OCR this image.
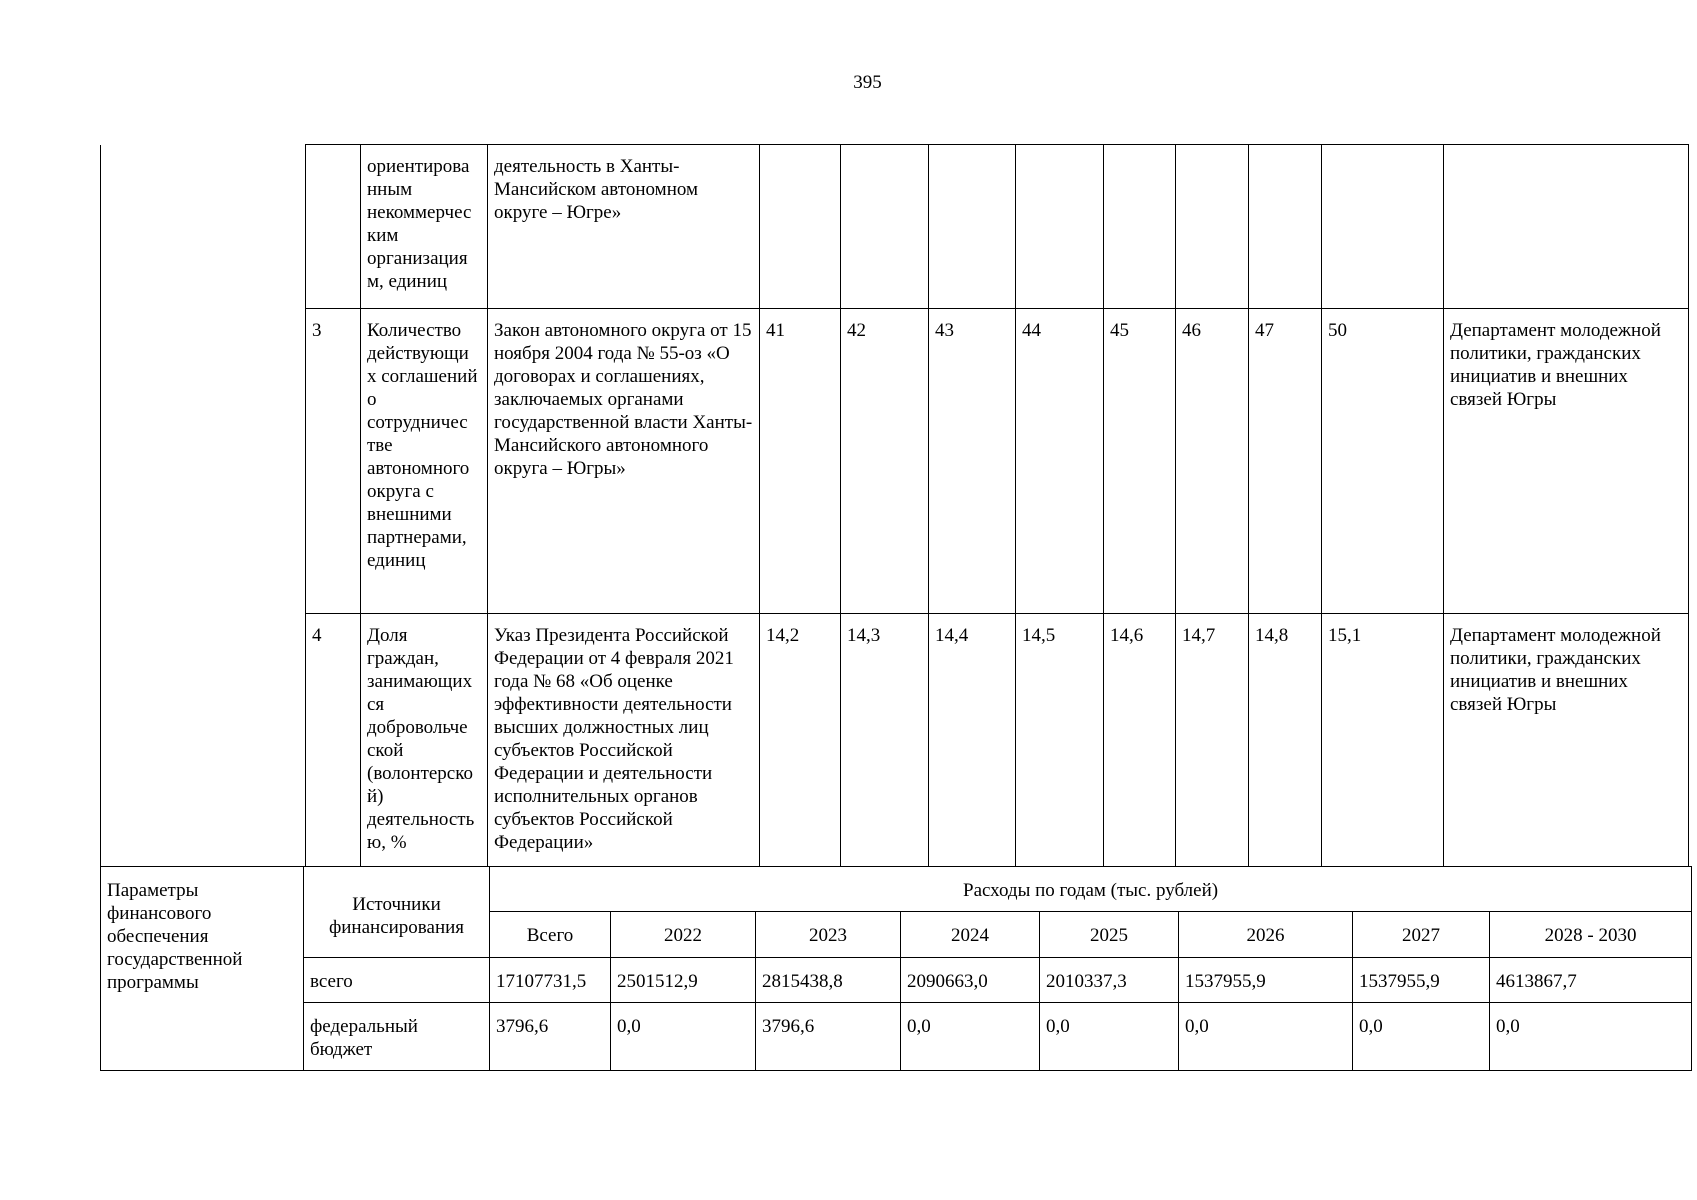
395
		ориентирова нным некоммерчес ким организация м, единиц	деятельность в Ханты-Мансийском автономном округе – Югре»									
	3	Количество действующи х соглашений о сотрудничес тве автономного округа с внешними партнерами, единиц	Закон автономного округа от 15 ноября 2004 года № 55-оз «О договорах и соглашениях, заключаемых органами государственной власти Ханты-Мансийского автономного округа – Югры»	41	42	43	44	45	46	47	50	Департамент молодежной политики, гражданских инициатив и внешних связей Югры
	4	Доля граждан, занимающих ся добровольче ской (волонтерско й) деятельность ю, %	Указ Президента Российской Федерации от 4 февраля 2021 года № 68 «Об оценке эффективности деятельности высших должностных лиц субъектов Российской Федерации и деятельности исполнительных органов субъектов Российской Федерации»	14,2	14,3	14,4	14,5	14,6	14,7	14,8	15,1	Департамент молодежной политики, гражданских инициатив и внешних связей Югры
Параметры финансового обеспечения государственной программы	Источники финансирования	Расходы по годам (тыс. рублей)							
		Всего	2022	2023	2024	2025	2026	2027	2028 - 2030
	всего	17107731,5	2501512,9	2815438,8	2090663,0	2010337,3	1537955,9	1537955,9	4613867,7
	федеральный бюджет	3796,6	0,0	3796,6	0,0	0,0	0,0	0,0	0,0
